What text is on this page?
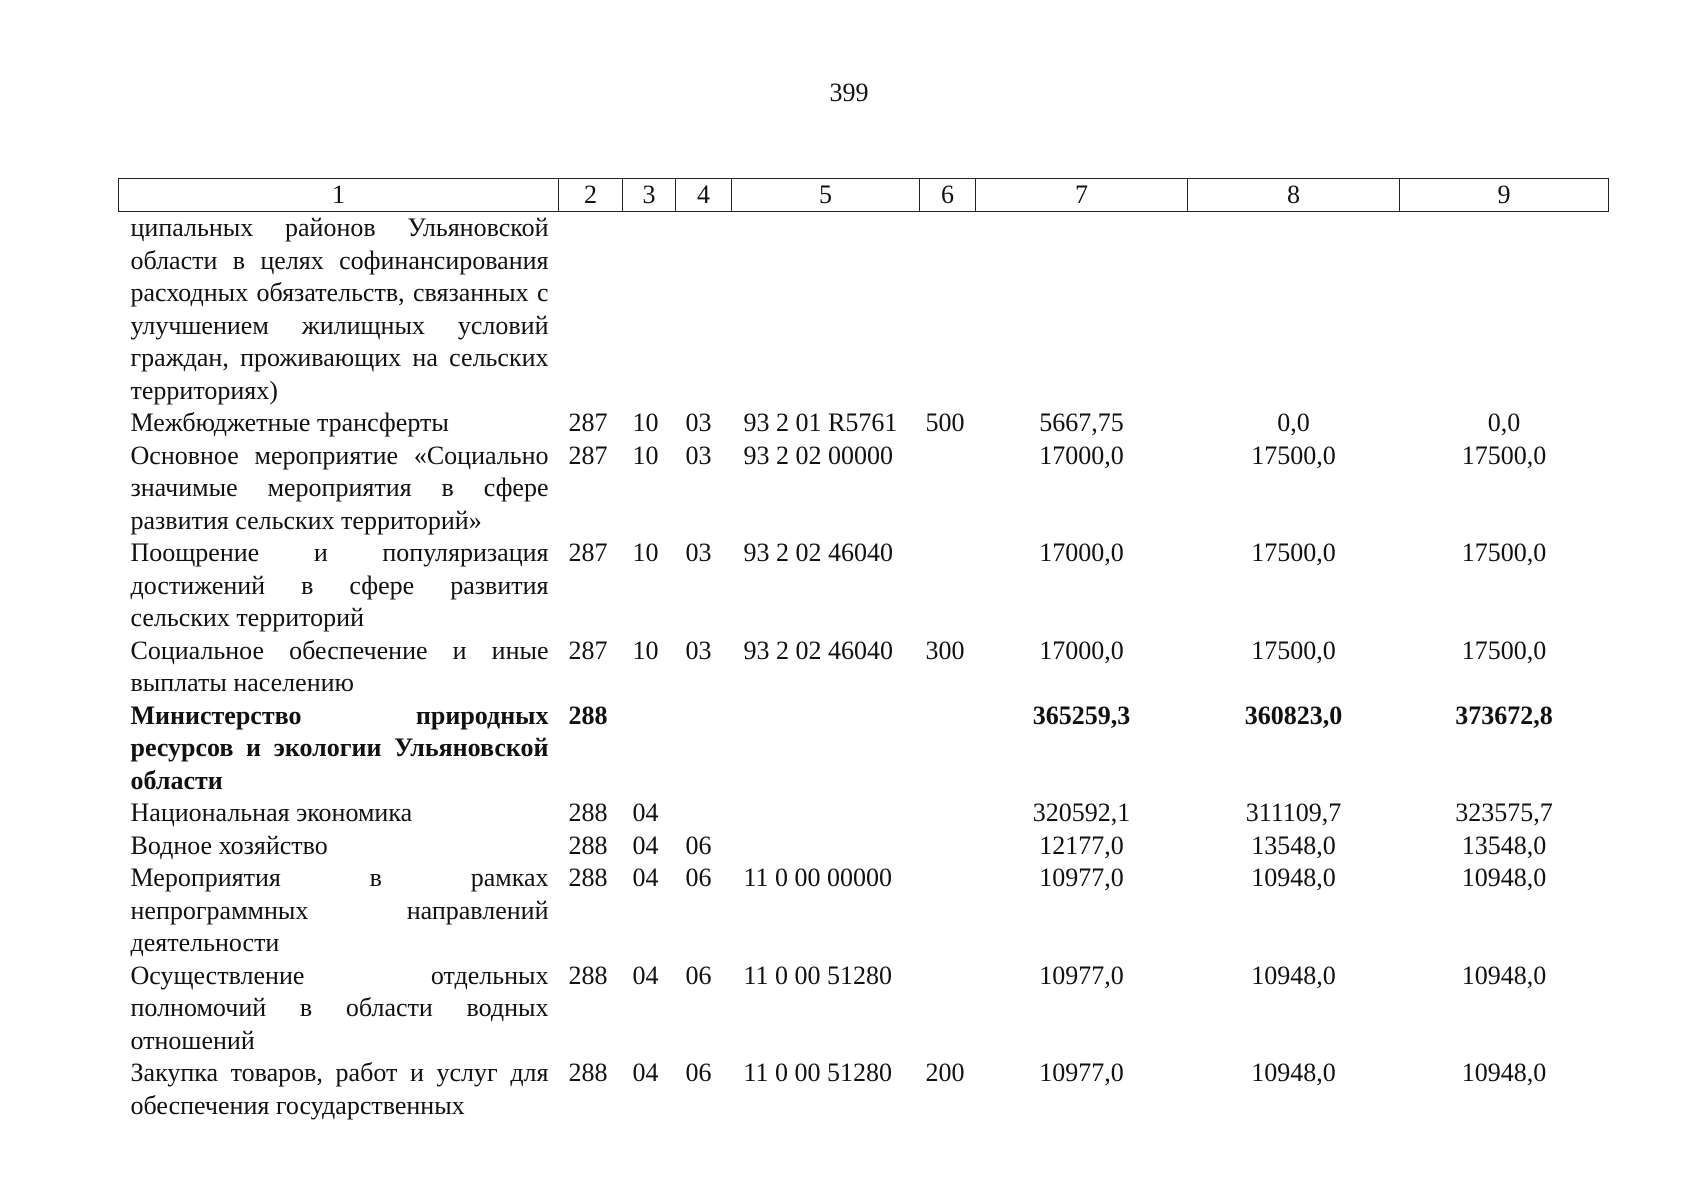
399
1	2	3	4	5	6	7	8	9
ципальных районов Ульяновской области в целях софинансирования расходных обязательств, связанных с улучшением жилищных условий граждан, проживающих на сельских территориях)								
Межбюджетные трансферты	287	10	03	93 2 01 R5761	500	5667,75	0,0	0,0
Основное мероприятие «Социально значимые мероприятия в сфере развития сельских территорий»	287	10	03	93 2 02 00000		17000,0	17500,0	17500,0
Поощрение и популяризация достижений в сфере развития сельских территорий	287	10	03	93 2 02 46040		17000,0	17500,0	17500,0
Социальное обеспечение и иные выплаты населению	287	10	03	93 2 02 46040	300	17000,0	17500,0	17500,0
Министерство природных ресурсов и экологии Ульяновской области	288					365259,3	360823,0	373672,8
Национальная экономика	288	04				320592,1	311109,7	323575,7
Водное хозяйство	288	04	06			12177,0	13548,0	13548,0
Мероприятия в рамках непрограммных направлений деятельности	288	04	06	11 0 00 00000		10977,0	10948,0	10948,0
Осуществление отдельных полномочий в области водных отношений	288	04	06	11 0 00 51280		10977,0	10948,0	10948,0
Закупка товаров, работ и услуг для обеспечения государственных	288	04	06	11 0 00 51280	200	10977,0	10948,0	10948,0
